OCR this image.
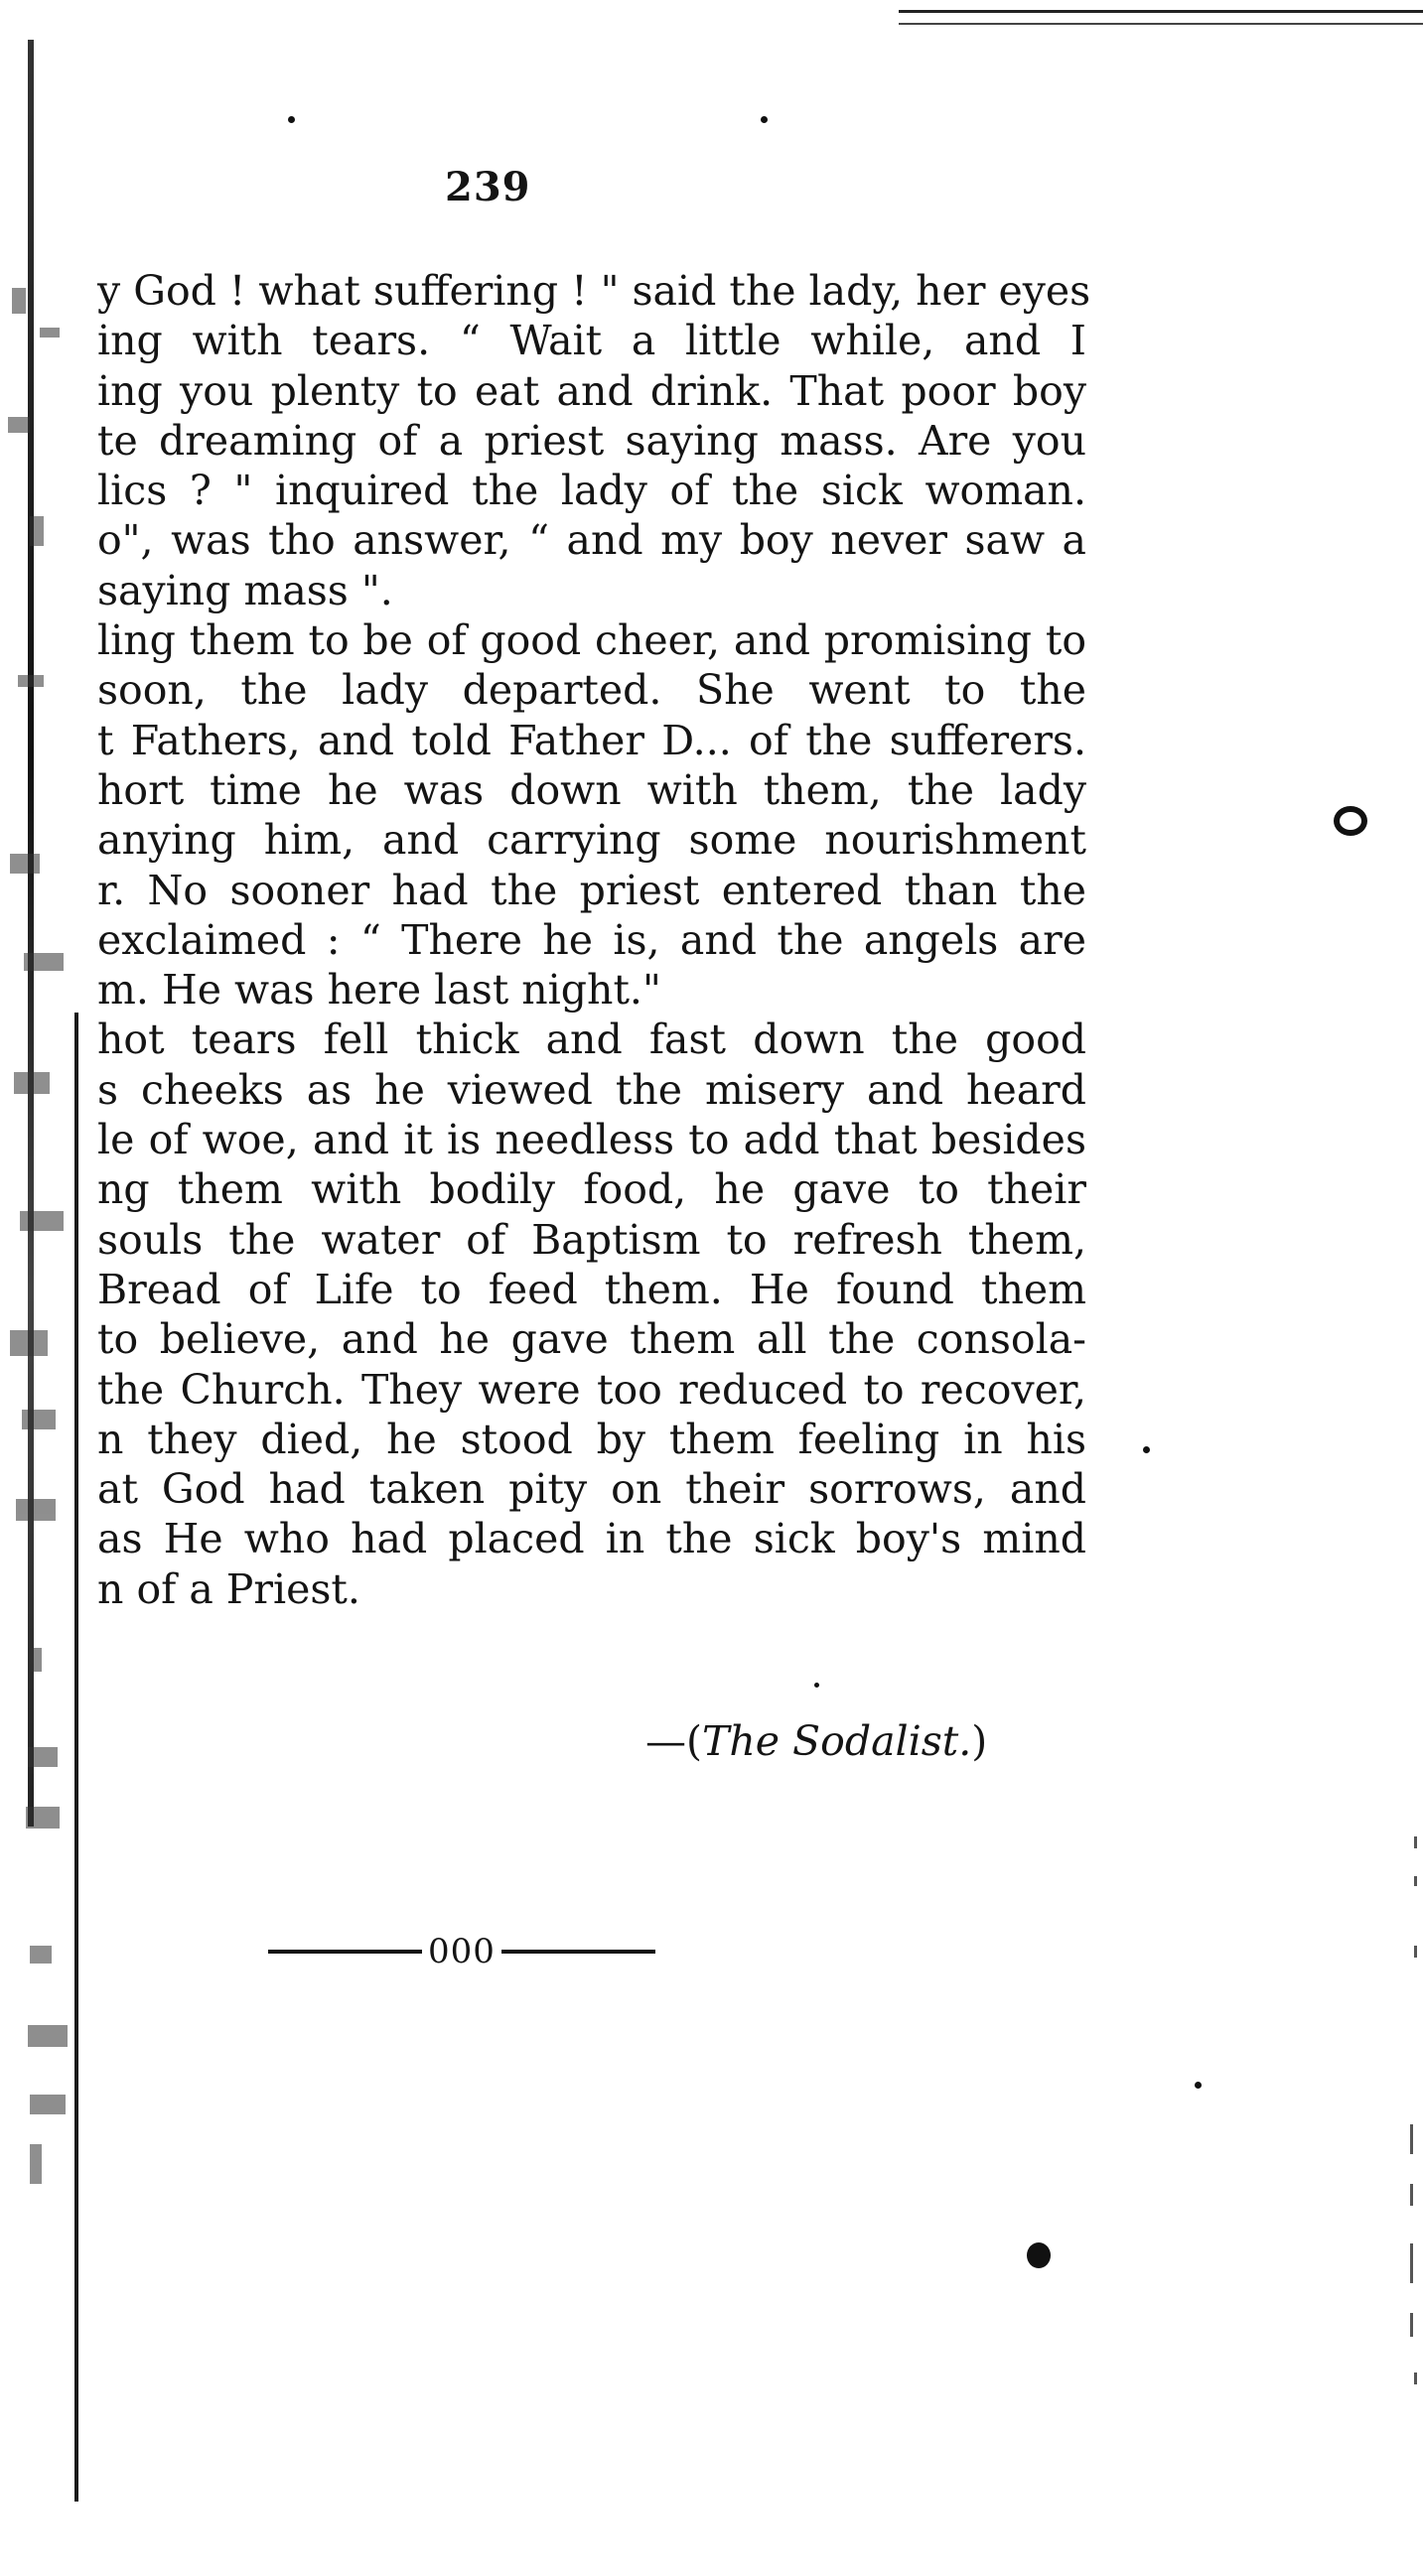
239
y God ! what suffering ! " said the lady, her eyes
ing with tears. “ Wait a little while, and I
ing you plenty to eat and drink. That poor boy
te dreaming of a priest saying mass. Are you
lics ? " inquired the lady of the sick woman.
o", was tho answer, “ and my boy never saw a
saying mass ".
ling them to be of good cheer, and promising to
soon, the lady departed. She went to the
t Fathers, and told Father D... of the sufferers.
hort time he was down with them, the lady
anying him, and carrying some nourishment
r. No sooner had the priest entered than the
exclaimed : “ There he is, and the angels are
m. He was here last night."
hot tears fell thick and fast down the good
s cheeks as he viewed the misery and heard
le of woe, and it is needless to add that besides
ng them with bodily food, he gave to their
souls the water of Baptism to refresh them,
Bread of Life to feed them. He found them
to believe, and he gave them all the consola-
the Church. They were too reduced to recover,
n they died, he stood by them feeling in his
at God had taken pity on their sorrows, and
as He who had placed in the sick boy's mind
n of a Priest.
—(The Sodalist.)
000
